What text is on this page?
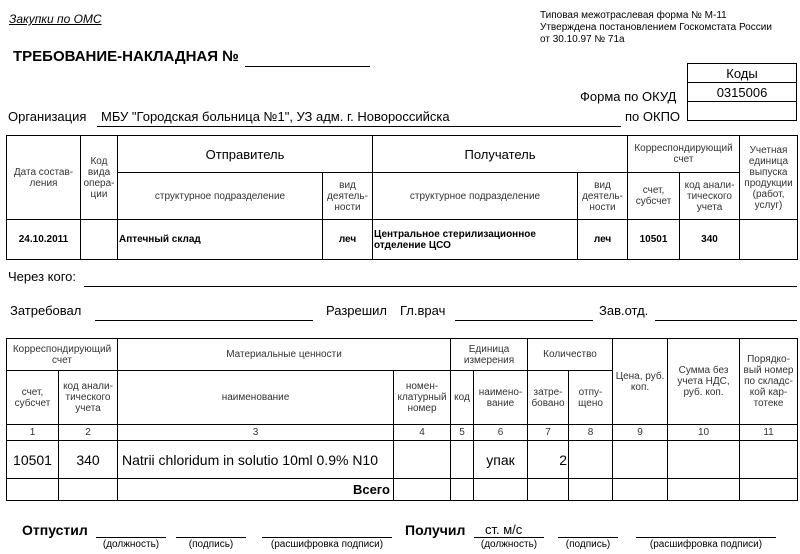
Закупки по ОМС	Типовая межотраслевая форма № М-11
Утверждена постановлением Госкомстата России
от 30.10.97 № 71а
ТРЕБОВАНИЕ-НАКЛАДНАЯ №
Коды
0315006

Форма по ОКУД
по ОКПО
Организация МБУ "Городская больница №1", УЗ адм. г. Новороссийска
Дата составления	Код вида операции	Отправитель		Получатель		Корреспондирующий счет		Учетная единица выпуска продукции (работ, услуг)
		структурное подразделение	вид деятельности	структурное подразделение	вид деятельности	счет, субсчет	код аналитического учета	
24.10.2011		Аптечный склад	леч	Центральное стерилизационное отделение ЦСО	леч	10501	340	
Через кого:
Затребовал	Разрешил Гл.врач	Зав.отд.
Корреспондирующий счет		Материальные ценности		Единица измерения		Количество		Цена, руб. коп.	Сумма без учета НДС, руб. коп.	Порядковый номер по складской картотеке
счет, субсчет	код аналитического учета	наименование	номенклатурный номер	код	наименование	затребовано	отпущено			
1	2	3	4	5	6	7	8	9	10	11
10501	340	Natrii chloridum in solutio 10ml 0.9% N10			упак	2				
		Всего								
Отпустил
(должность)	(подпись)	(расшифровка подписи)
Получил ст. м/с
(должность)	(подпись)	(расшифровка подписи)
